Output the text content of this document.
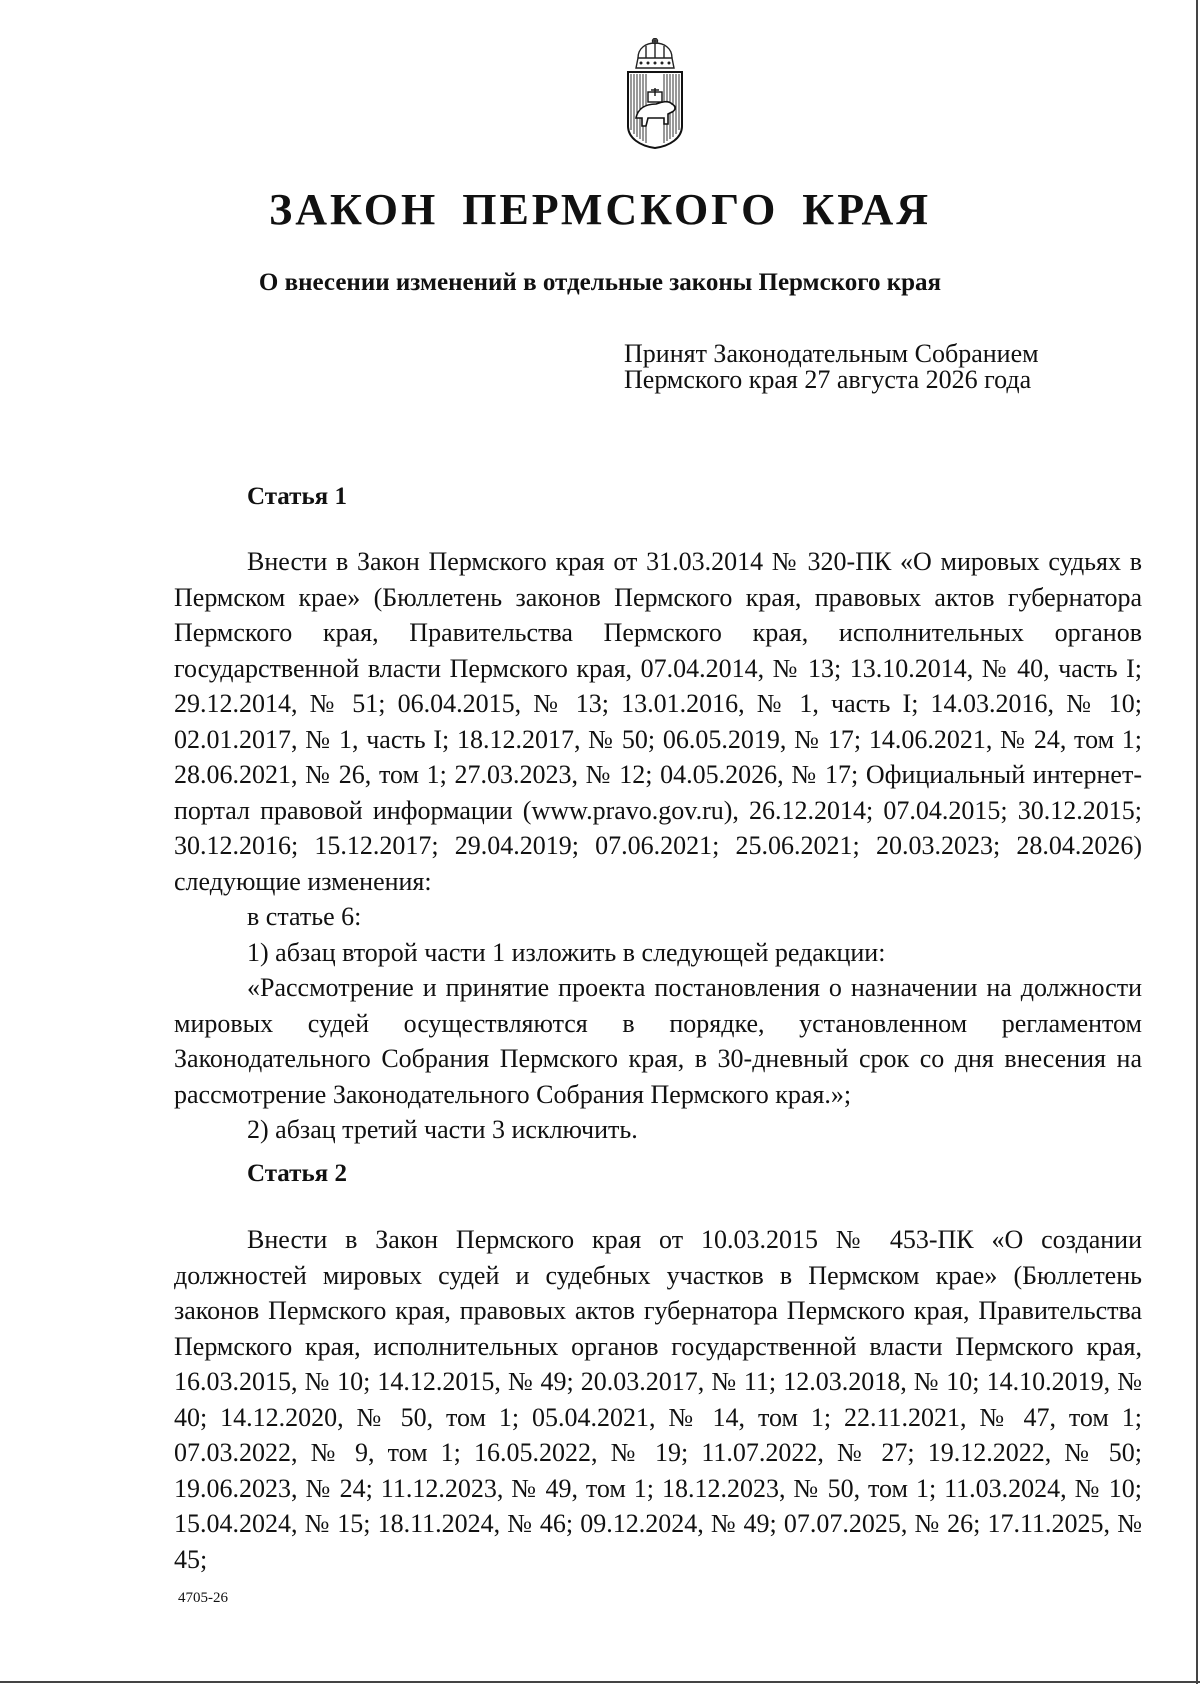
ЗАКОН ПЕРМСКОГО КРАЯ
О внесении изменений в отдельные законы Пермского края
Принят Законодательным Собранием
Пермского края 27 августа 2026 года
Статья 1

Внести в Закон Пермского края от 31.03.2014 № 320-ПК «О мировых судьях в Пермском крае» (Бюллетень законов Пермского края, правовых актов губернатора Пермского края, Правительства Пермского края, исполнительных органов государственной власти Пермского края, 07.04.2014, № 13; 13.10.2014, № 40, часть I; 29.12.2014, № 51; 06.04.2015, № 13; 13.01.2016, № 1, часть I; 14.03.2016, № 10; 02.01.2017, № 1, часть I; 18.12.2017, № 50; 06.05.2019, № 17; 14.06.2021, № 24, том 1; 28.06.2021, № 26, том 1; 27.03.2023, № 12; 04.05.2026, № 17; Официальный интернет-портал правовой информации (www.pravo.gov.ru), 26.12.2014; 07.04.2015; 30.12.2015; 30.12.2016; 15.12.2017; 29.04.2019; 07.06.2021; 25.06.2021; 20.03.2023; 28.04.2026) следующие изменения:

в статье 6:

1) абзац второй части 1 изложить в следующей редакции:

«Рассмотрение и принятие проекта постановления о назначении на должности мировых судей осуществляются в порядке, установленном регламентом Законодательного Собрания Пермского края, в 30-дневный срок со дня внесения на рассмотрение Законодательного Собрания Пермского края.»;

2) абзац третий части 3 исключить.

Статья 2

Внести в Закон Пермского края от 10.03.2015 № 453-ПК «О создании должностей мировых судей и судебных участков в Пермском крае» (Бюллетень законов Пермского края, правовых актов губернатора Пермского края, Правительства Пермского края, исполнительных органов государственной власти Пермского края, 16.03.2015, № 10; 14.12.2015, № 49; 20.03.2017, № 11; 12.03.2018, № 10; 14.10.2019, № 40; 14.12.2020, № 50, том 1; 05.04.2021, № 14, том 1; 22.11.2021, № 47, том 1; 07.03.2022, № 9, том 1; 16.05.2022, № 19; 11.07.2022, № 27; 19.12.2022, № 50; 19.06.2023, № 24; 11.12.2023, № 49, том 1; 18.12.2023, № 50, том 1; 11.03.2024, № 10; 15.04.2024, № 15; 18.11.2024, № 46; 09.12.2024, № 49; 07.07.2025, № 26; 17.11.2025, № 45;

4705-26
